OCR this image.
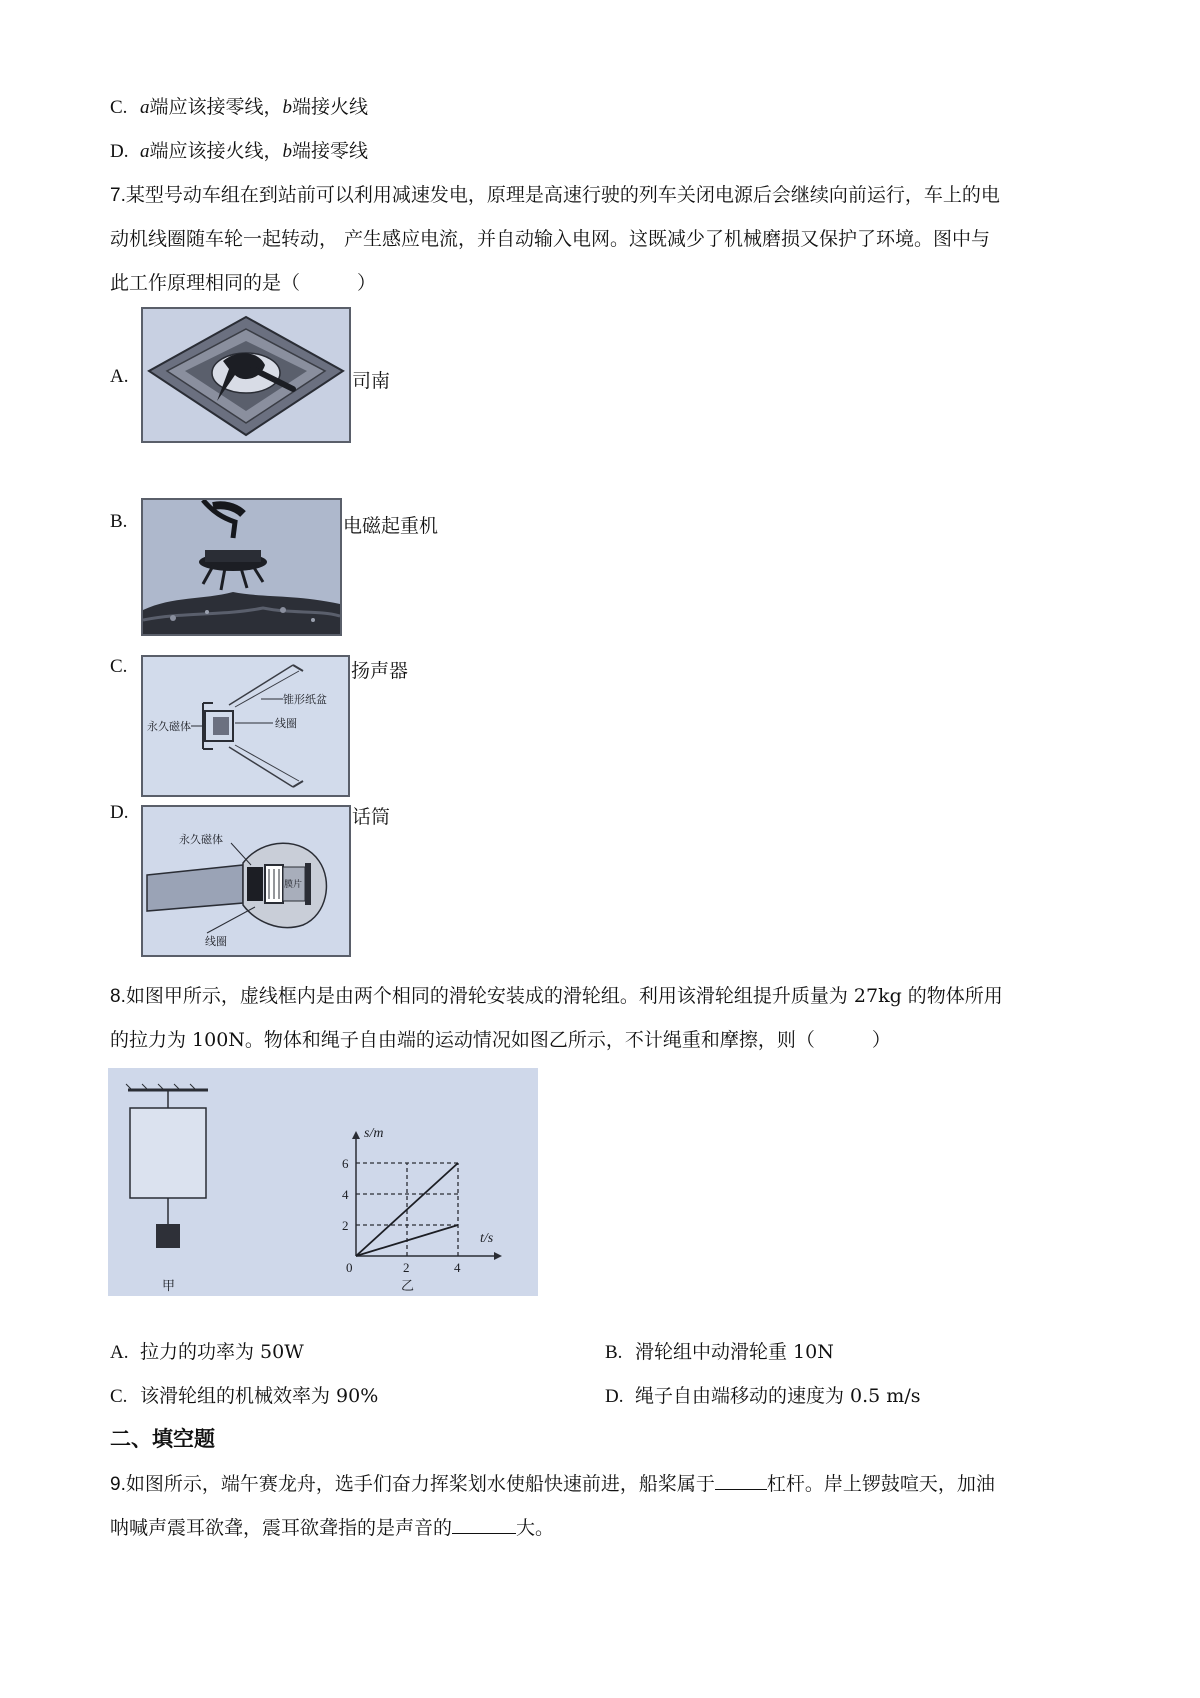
C. a端应该接零线，b端接火线
D. a端应该接火线，b端接零线
7.某型号动车组在到站前可以利用减速发电，原理是高速行驶的列车关闭电源后会继续向前运行，车上的电
动机线圈随车轮一起转动， 产生感应电流，并自动输入电网。这既减少了机械磨损又保护了环境。图中与
此工作原理相同的是（　　　）
A.	司南
B.	电磁起重机
C.
锥形纸盆
线圈
永久磁体
扬声器
D.
永久磁体
膜片
线圈
话筒
8.如图甲所示，虚线框内是由两个相同的滑轮安装成的滑轮组。利用该滑轮组提升质量为 27kg 的物体所用
的拉力为 100N。物体和绳子自由端的运动情况如图乙所示，不计绳重和摩擦，则（　　　）
甲
0	2	4
2
4
6
t/s
s/m
乙
A. 拉力的功率为 50W	B. 滑轮组中动滑轮重 10N
C. 该滑轮组的机械效率为 90%	D. 绳子自由端移动的速度为 0.5 m/s
二、填空题
9.如图所示，端午赛龙舟，选手们奋力挥桨划水使船快速前进，船桨属于	杠杆。岸上锣鼓喧天，加油
呐喊声震耳欲聋，震耳欲聋指的是声音的	大。
